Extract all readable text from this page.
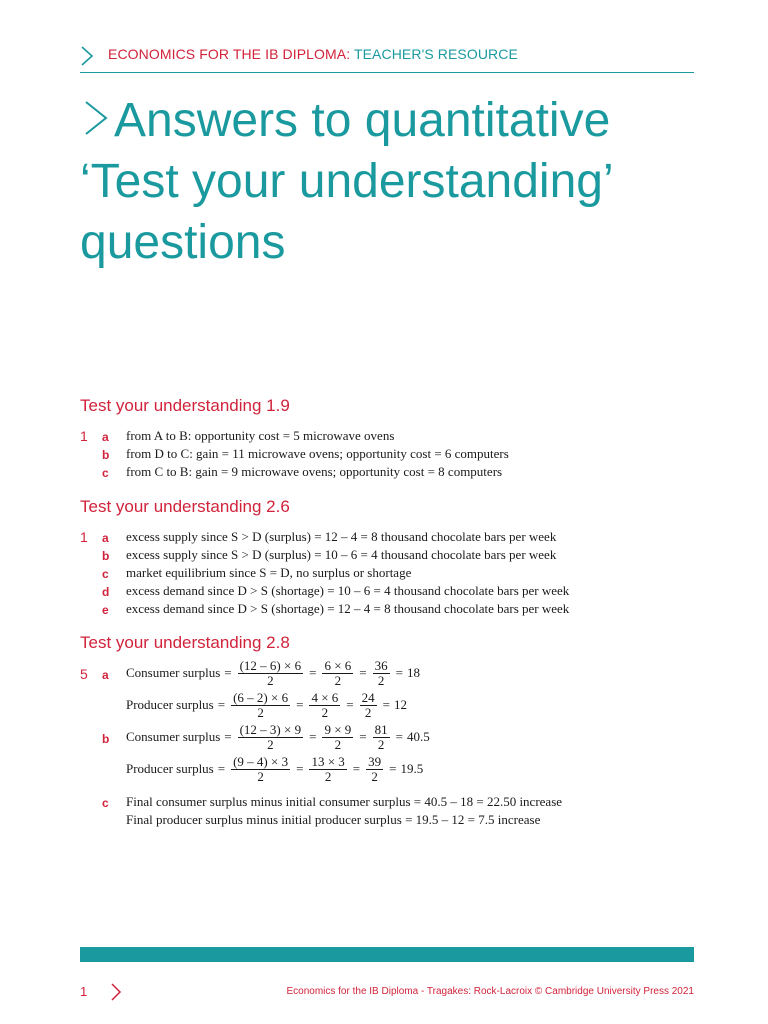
ECONOMICS FOR THE IB DIPLOMA: TEACHER'S RESOURCE
Answers to quantitative ‘Test your understanding’ questions
Test your understanding 1.9
1 a from A to B: opportunity cost = 5 microwave ovens
b from D to C: gain = 11 microwave ovens; opportunity cost = 6 computers
c from C to B: gain = 9 microwave ovens; opportunity cost = 8 computers
Test your understanding 2.6
1 a excess supply since S > D (surplus) = 12 – 4 = 8 thousand chocolate bars per week
b excess supply since S > D (surplus) = 10 – 6 = 4 thousand chocolate bars per week
c market equilibrium since S = D, no surplus or shortage
d excess demand since D > S (shortage) = 10 – 6 = 4 thousand chocolate bars per week
e excess demand since D > S (shortage) = 12 – 4 = 8 thousand chocolate bars per week
Test your understanding 2.8
5 a Consumer surplus = $\frac{(12 - 6) \times 6}{2} = \frac{6 \times 6}{2} = \frac{36}{2} = 18$
Producer surplus = $\frac{(6 - 2) \times 6}{2} = \frac{4 \times 6}{2} = \frac{24}{2} = 12$
b Consumer surplus = $\frac{(12 - 3) \times 9}{2} = \frac{9 \times 9}{2} = \frac{81}{2} = 40.5$
Producer surplus = $\frac{(9 - 4) \times 3}{2} = \frac{13 \times 3}{2} = \frac{39}{2} = 19.5$
c Final consumer surplus minus initial consumer surplus = 40.5 – 18 = 22.50 increase
Final producer surplus minus initial producer surplus = 19.5 – 12 = 7.5 increase
1	Economics for the IB Diploma - Tragakes: Rock-Lacroix © Cambridge University Press 2021
